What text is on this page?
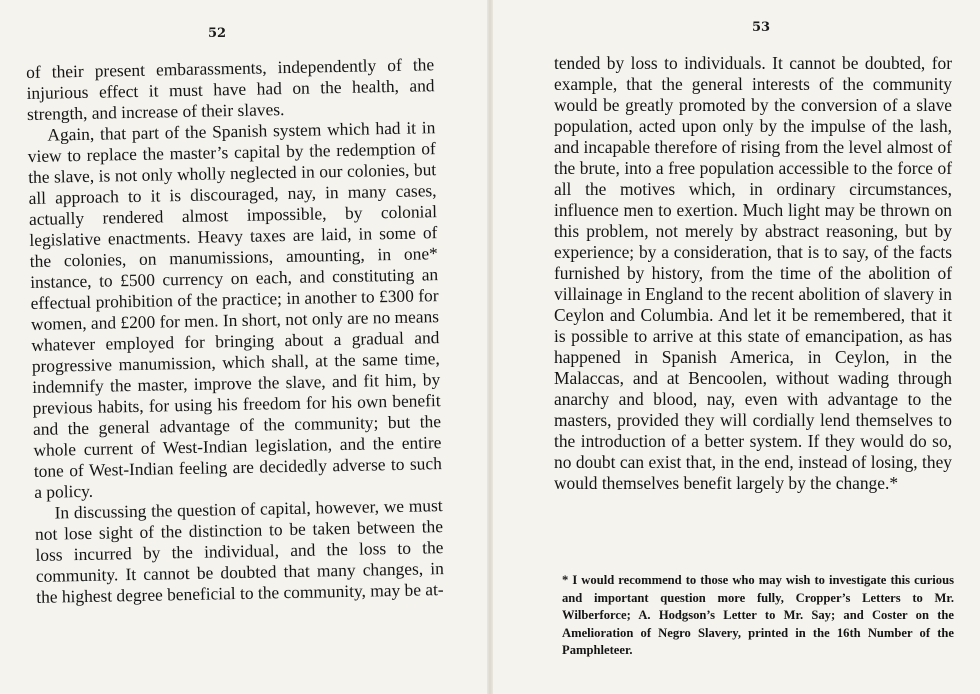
52

of their present embarassments, independently of the injurious effect it must have had on the health, and strength, and increase of their slaves.

Again, that part of the Spanish system which had it in view to replace the master’s capital by the redemption of the slave, is not only wholly neglected in our colonies, but all approach to it is discouraged, nay, in many cases, actually rendered almost impossible, by colonial legislative enactments. Heavy taxes are laid, in some of the colonies, on manumissions, amounting, in one* instance, to £500 currency on each, and constituting an effectual prohibition of the practice; in another to £300 for women, and £200 for men. In short, not only are no means whatever employed for bringing about a gradual and progressive manumission, which shall, at the same time, indemnify the master, improve the slave, and fit him, by previous habits, for using his freedom for his own benefit and the general advantage of the community; but the whole current of West-Indian legislation, and the entire tone of West-Indian feeling are decidedly adverse to such a policy.

In discussing the question of capital, however, we must not lose sight of the distinction to be taken between the loss incurred by the individual, and the loss to the community. It cannot be doubted that many changes, in the highest degree beneficial to the community, may be at-

53

tended by loss to individuals. It cannot be doubted, for example, that the general interests of the community would be greatly promoted by the conversion of a slave population, acted upon only by the impulse of the lash, and incapable therefore of rising from the level almost of the brute, into a free population accessible to the force of all the motives which, in ordinary circumstances, influence men to exertion. Much light may be thrown on this problem, not merely by abstract reasoning, but by experience; by a consideration, that is to say, of the facts furnished by history, from the time of the abolition of villainage in England to the recent abolition of slavery in Ceylon and Columbia. And let it be remembered, that it is possible to arrive at this state of emancipation, as has happened in Spanish America, in Ceylon, in the Malaccas, and at Bencoolen, without wading through anarchy and blood, nay, even with advantage to the masters, provided they will cordially lend themselves to the introduction of a better system. If they would do so, no doubt can exist that, in the end, instead of losing, they would themselves benefit largely by the change.*

* I would recommend to those who may wish to investigate this curious and important question more fully, Cropper’s Letters to Mr. Wilberforce; A. Hodgson’s Letter to Mr. Say; and Coster on the Amelioration of Negro Slavery, printed in the 16th Number of the Pamphleteer.
